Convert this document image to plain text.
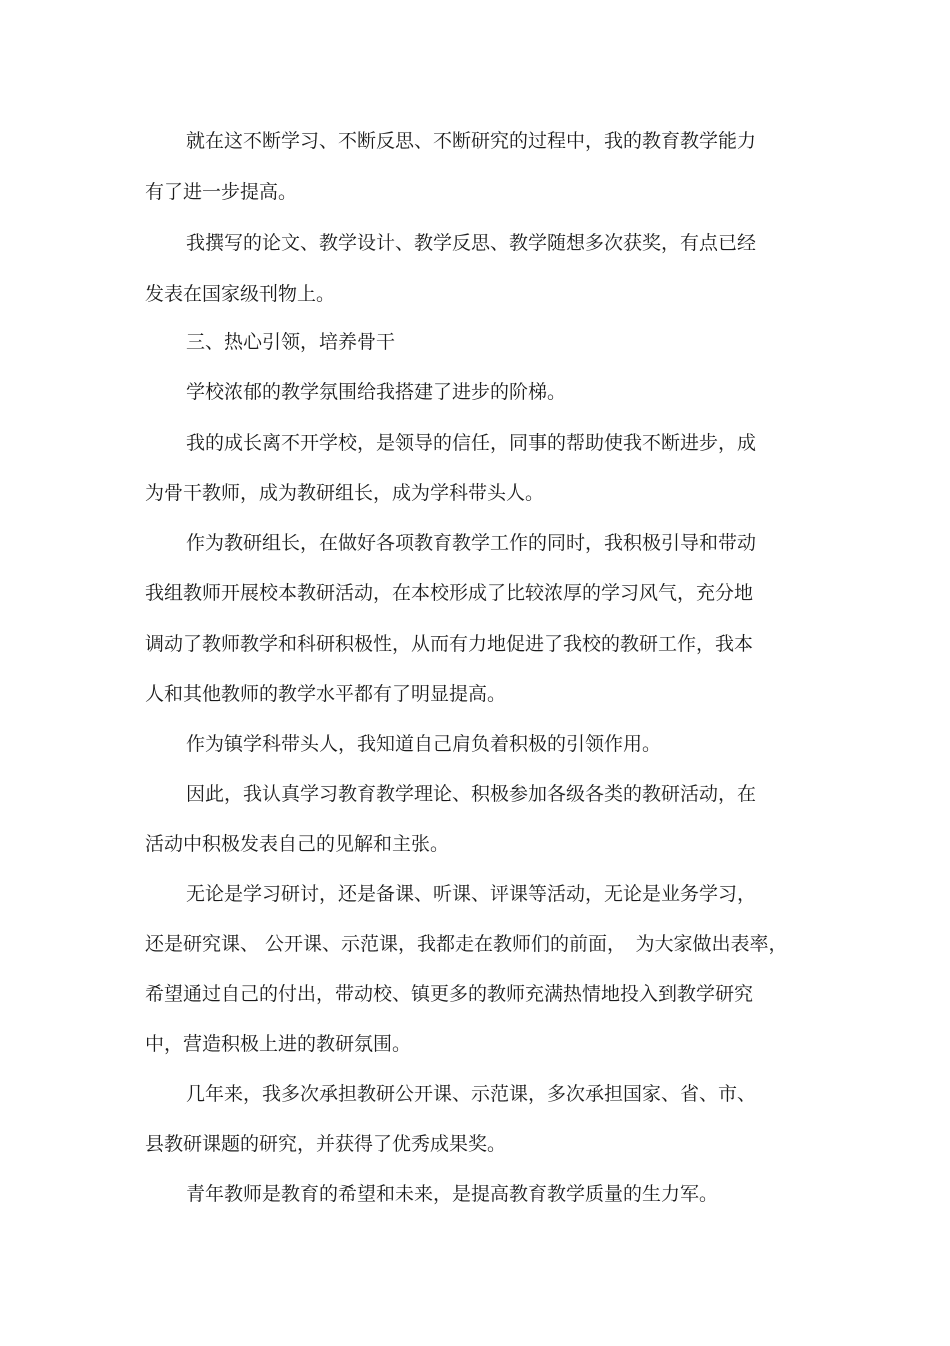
就在这不断学习、不断反思、不断研究的过程中，我的教育教学能力
有了进一步提高。
我撰写的论文、教学设计、教学反思、教学随想多次获奖，有点已经
发表在国家级刊物上。
三、热心引领，培养骨干
学校浓郁的教学氛围给我搭建了进步的阶梯。
我的成长离不开学校，是领导的信任，同事的帮助使我不断进步，成
为骨干教师，成为教研组长，成为学科带头人。
作为教研组长，在做好各项教育教学工作的同时，我积极引导和带动
我组教师开展校本教研活动，在本校形成了比较浓厚的学习风气，充分地
调动了教师教学和科研积极性，从而有力地促进了我校的教研工作，我本
人和其他教师的教学水平都有了明显提高。
作为镇学科带头人，我知道自己肩负着积极的引领作用。
因此，我认真学习教育教学理论、积极参加各级各类的教研活动，在
活动中积极发表自己的见解和主张。
无论是学习研讨，还是备课、听课、评课等活动，无论是业务学习，
还是研究课、 公开课、示范课，我都走在教师们的前面，　为大家做出表率，
希望通过自己的付出，带动校、镇更多的教师充满热情地投入到教学研究
中，营造积极上进的教研氛围。
几年来，我多次承担教研公开课、示范课，多次承担国家、省、市、
县教研课题的研究，并获得了优秀成果奖。
青年教师是教育的希望和未来，是提高教育教学质量的生力军。
